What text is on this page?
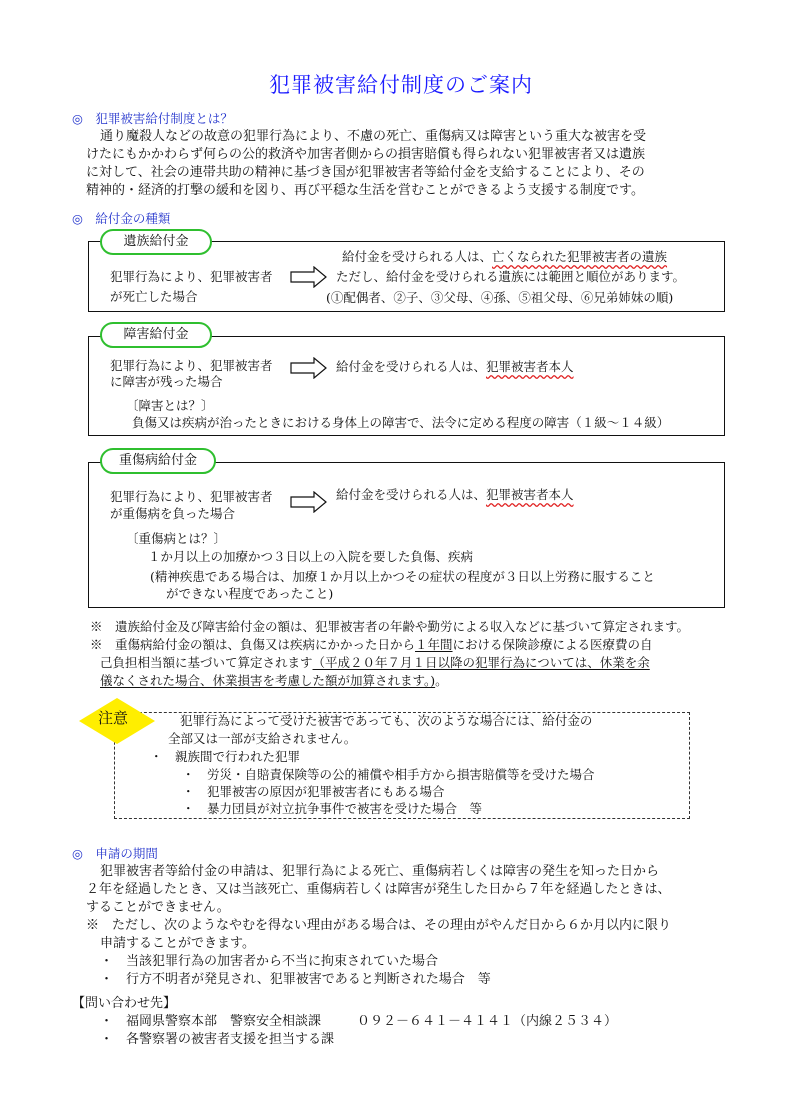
犯罪被害給付制度のご案内
◎　犯罪被害給付制度とは？
通り魔殺人などの故意の犯罪行為により、不慮の死亡、重傷病又は障害という重大な被害を受
けたにもかかわらず何らの公的救済や加害者側からの損害賠償も得られない犯罪被害者又は遺族
に対して、社会の連帯共助の精神に基づき国が犯罪被害者等給付金を支給することにより、その
精神的・経済的打撃の緩和を図り、再び平穏な生活を営むことができるよう支援する制度です。
◎　給付金の種類
遺族給付金
犯罪行為により、犯罪被害者
が死亡した場合
給付金を受けられる人は、亡くなられた犯罪被害者の遺族
ただし、給付金を受けられる遺族には範囲と順位があります。
(①配偶者、②子、③父母、④孫、⑤祖父母、⑥兄弟姉妹の順)
障害給付金
犯罪行為により、犯罪被害者
に障害が残った場合
給付金を受けられる人は、犯罪被害者本人
〔障害とは？〕
負傷又は疾病が治ったときにおける身体上の障害で、法令に定める程度の障害（１級～１４級）
重傷病給付金
犯罪行為により、犯罪被害者
が重傷病を負った場合
給付金を受けられる人は、犯罪被害者本人
〔重傷病とは？〕
１か月以上の加療かつ３日以上の入院を要した負傷、疾病
(精神疾患である場合は、加療１か月以上かつその症状の程度が３日以上労務に服すること
ができない程度であったこと)
※　遺族給付金及び障害給付金の額は、犯罪被害者の年齢や勤労による収入などに基づいて算定されます。
※　重傷病給付金の額は、負傷又は疾病にかかった日から１年間における保険診療による医療費の自
己負担相当額に基づいて算定されます（平成２０年７月１日以降の犯罪行為については、休業を余
儀なくされた場合、休業損害を考慮した額が加算されます。)。
注意	犯罪行為によって受けた被害であっても、次のような場合には、給付金の
全部又は一部が支給されません。
・　親族間で行われた犯罪
・　労災・自賠責保険等の公的補償や相手方から損害賠償等を受けた場合
・　犯罪被害の原因が犯罪被害者にもある場合
・　暴力団員が対立抗争事件で被害を受けた場合　等
◎　申請の期間
犯罪被害者等給付金の申請は、犯罪行為による死亡、重傷病若しくは障害の発生を知った日から
２年を経過したとき、又は当該死亡、重傷病若しくは障害が発生した日から７年を経過したときは、
することができません。
※　ただし、次のようなやむを得ない理由がある場合は、その理由がやんだ日から６か月以内に限り
申請することができます。
・　当該犯罪行為の加害者から不当に拘束されていた場合
・　行方不明者が発見され、犯罪被害であると判断された場合　等
【問い合わせ先】
・　福岡県警察本部　警察安全相談課	０９２－６４１－４１４１（内線２５３４）
・　各警察署の被害者支援を担当する課
